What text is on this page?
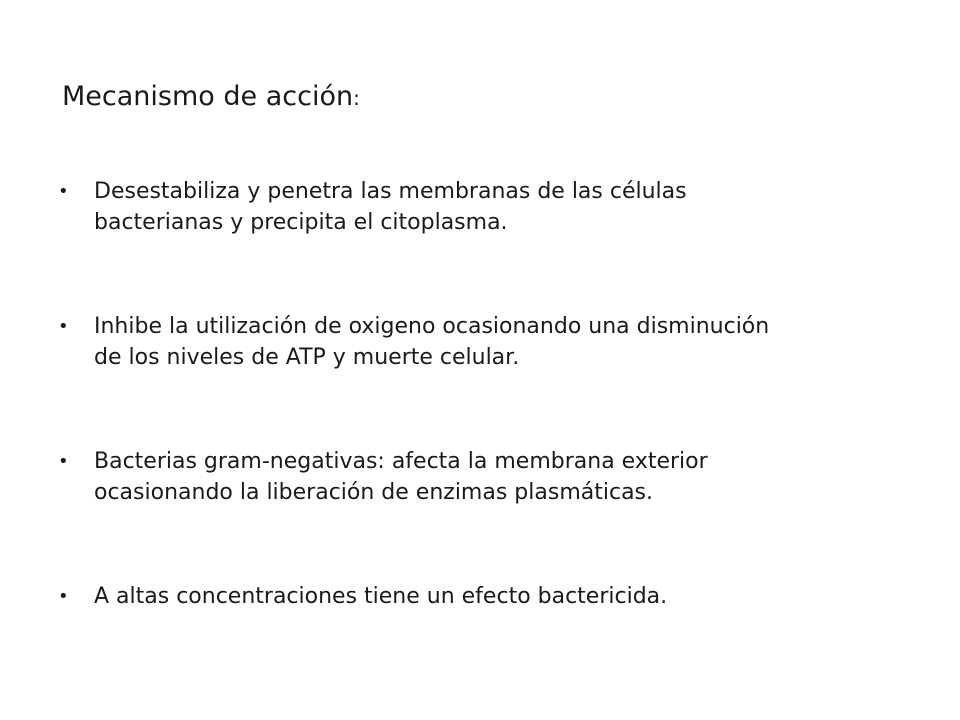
Mecanismo de acción:
•	Desestabiliza y penetra las membranas de las células
bacterianas y precipita el citoplasma.
•	Inhibe la utilización de oxigeno ocasionando una disminución
de los niveles de ATP y muerte celular.
•	Bacterias gram-negativas: afecta la membrana exterior
ocasionando la liberación de enzimas plasmáticas.
•	A altas concentraciones tiene un efecto bactericida.
